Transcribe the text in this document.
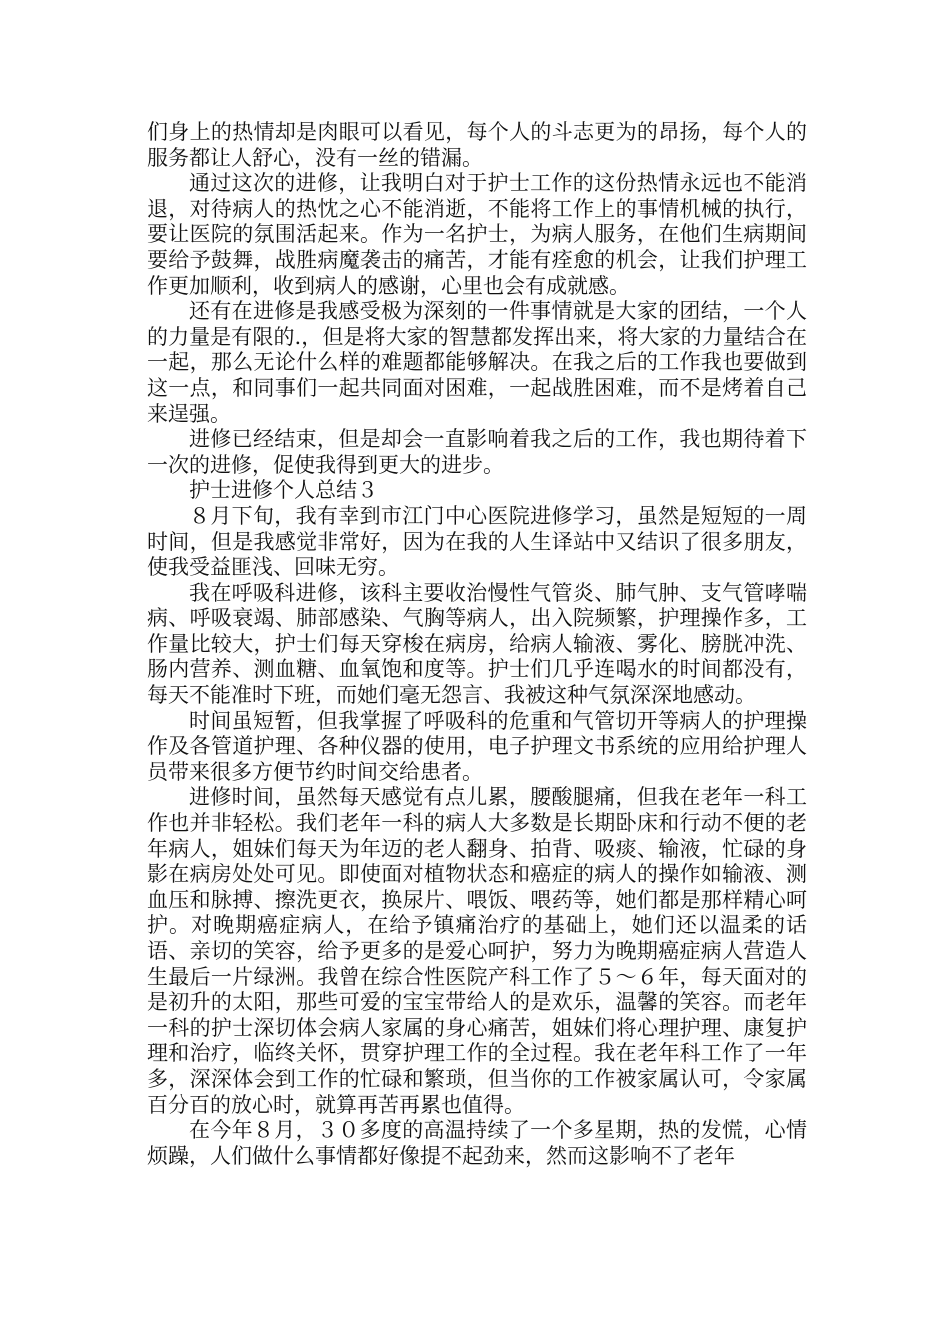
们身上的热情却是肉眼可以看见，每个人的斗志更为的昂扬，每个人的服务都让人舒心，没有一丝的错漏。

通过这次的进修，让我明白对于护士工作的这份热情永远也不能消退，对待病人的热忱之心不能消逝，不能将工作上的事情机械的执行，要让医院的氛围活起来。作为一名护士，为病人服务，在他们生病期间要给予鼓舞，战胜病魔袭击的痛苦，才能有痊愈的机会，让我们护理工作更加顺利，收到病人的感谢，心里也会有成就感。

还有在进修是我感受极为深刻的一件事情就是大家的团结，一个人的力量是有限的.，但是将大家的智慧都发挥出来，将大家的力量结合在一起，那么无论什么样的难题都能够解决。在我之后的工作我也要做到这一点，和同事们一起共同面对困难，一起战胜困难，而不是烤着自己来逞强。

进修已经结束，但是却会一直影响着我之后的工作，我也期待着下一次的进修，促使我得到更大的进步。

护士进修个人总结３

８月下旬，我有幸到市江门中心医院进修学习，虽然是短短的一周时间，但是我感觉非常好，因为在我的人生译站中又结识了很多朋友，使我受益匪浅、回味无穷。

我在呼吸科进修，该科主要收治慢性气管炎、肺气肿、支气管哮喘病、呼吸衰竭、肺部感染、气胸等病人，出入院频繁，护理操作多，工作量比较大，护士们每天穿梭在病房，给病人输液、雾化、膀胱冲洗、肠内营养、测血糖、血氧饱和度等。护士们几乎连喝水的时间都没有，每天不能准时下班，而她们毫无怨言、我被这种气氛深深地感动。

时间虽短暂，但我掌握了呼吸科的危重和气管切开等病人的护理操作及各管道护理、各种仪器的使用，电子护理文书系统的应用给护理人员带来很多方便节约时间交给患者。

进修时间，虽然每天感觉有点儿累，腰酸腿痛，但我在老年一科工作也并非轻松。我们老年一科的病人大多数是长期卧床和行动不便的老年病人，姐妹们每天为年迈的老人翻身、拍背、吸痰、输液，忙碌的身影在病房处处可见。即使面对植物状态和癌症的病人的操作如输液、测血压和脉搏、擦洗更衣，换尿片、喂饭、喂药等，她们都是那样精心呵护。对晚期癌症病人，在给予镇痛治疗的基础上，她们还以温柔的话语、亲切的笑容，给予更多的是爱心呵护，努力为晚期癌症病人营造人生最后一片绿洲。我曾在综合性医院产科工作了５～６年，每天面对的是初升的太阳，那些可爱的宝宝带给人的是欢乐，温馨的笑容。而老年一科的护士深切体会病人家属的身心痛苦，姐妹们将心理护理、康复护理和治疗，临终关怀，贯穿护理工作的全过程。我在老年科工作了一年多，深深体会到工作的忙碌和繁琐，但当你的工作被家属认可，令家属百分百的放心时，就算再苦再累也值得。

在今年８月，３０多度的高温持续了一个多星期，热的发慌，心情烦躁，人们做什么事情都好像提不起劲来，然而这影响不了老年
